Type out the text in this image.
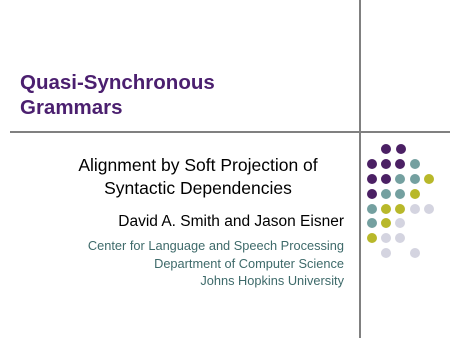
Quasi-Synchronous
Grammars
Alignment by Soft Projection of
Syntactic Dependencies
David A. Smith and Jason Eisner
Center for Language and Speech Processing
Department of Computer Science
Johns Hopkins University
